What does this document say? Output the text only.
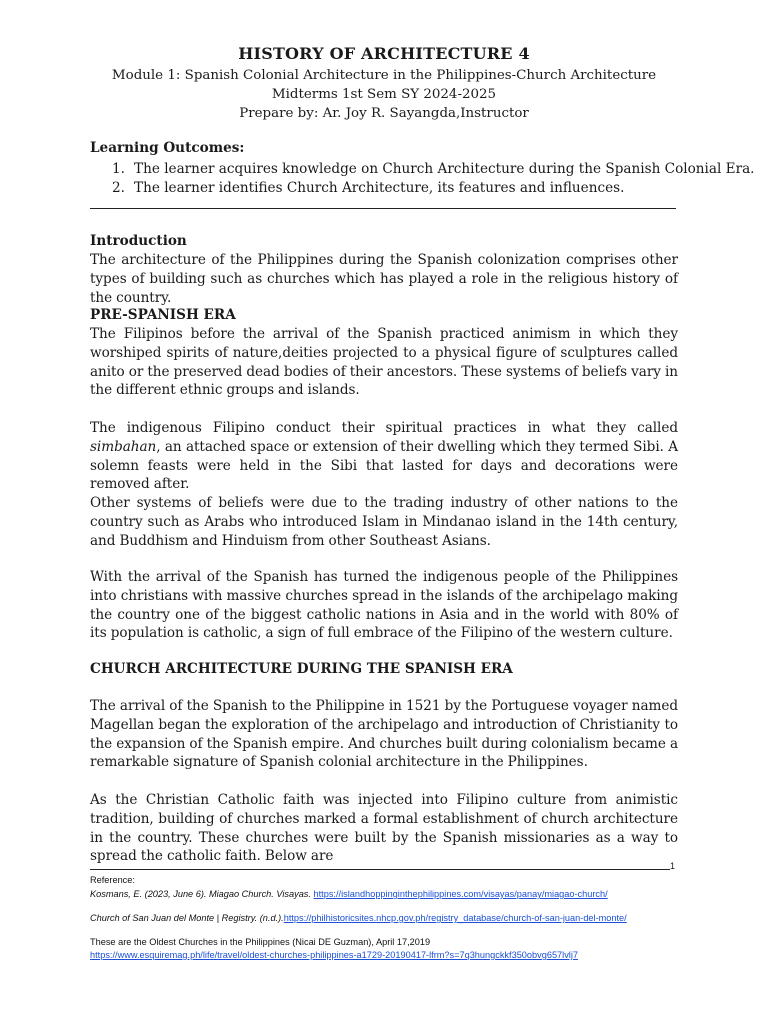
HISTORY OF ARCHITECTURE 4
Module 1: Spanish Colonial Architecture in the Philippines-Church Architecture
Midterms 1st Sem SY 2024-2025
Prepare by: Ar. Joy R. Sayangda,Instructor
Learning Outcomes:
1. The learner acquires knowledge on Church Architecture during the Spanish Colonial Era.
2. The learner identifies Church Architecture, its features and influences.
Introduction
The architecture of the Philippines during the Spanish colonization comprises other types of building such as churches which has played a role in the religious history of the country.
PRE-SPANISH ERA
The Filipinos before the arrival of the Spanish practiced animism in which they worshiped spirits of nature,deities projected to a physical figure of sculptures called anito or the preserved dead bodies of their ancestors. These systems of beliefs vary in the different ethnic groups and islands.
The indigenous Filipino conduct their spiritual practices in what they called simbahan, an attached space or extension of their dwelling which they termed Sibi. A solemn feasts were held in the Sibi that lasted for days and decorations were removed after.
Other systems of beliefs were due to the trading industry of other nations to the country such as Arabs who introduced Islam in Mindanao island in the 14th century, and Buddhism and Hinduism from other Southeast Asians.
With the arrival of the Spanish has turned the indigenous people of the Philippines into christians with massive churches spread in the islands of the archipelago making the country one of the biggest catholic nations in Asia and in the world with 80% of its population is catholic, a sign of full embrace of the Filipino of the western culture.
CHURCH ARCHITECTURE DURING THE SPANISH ERA
The arrival of the Spanish to the Philippine in 1521 by the Portuguese voyager named Magellan began the exploration of the archipelago and introduction of Christianity to the expansion of the Spanish empire. And churches built during colonialism became a remarkable signature of Spanish colonial architecture in the Philippines.
As the Christian Catholic faith was injected into Filipino culture from animistic tradition, building of churches marked a formal establishment of church architecture in the country. These churches were built by the Spanish missionaries as a way to spread the catholic faith. Below are
1
Reference:
Kosmans, E. (2023, June 6). Miagao Church. Visayas. https://islandhoppinginthephilippines.com/visayas/panay/miagao-church/
Church of San Juan del Monte | Registry. (n.d.).https://philhistoricsites.nhcp.gov.ph/registry_database/church-of-san-juan-del-monte/
These are the Oldest Churches in the Philippines (Nicai DE Guzman), April 17,2019
https://www.esquiremag.ph/life/travel/oldest-churches-philippines-a1729-20190417-lfrm?s=7q3hungckkf350obvg657lvlj7
